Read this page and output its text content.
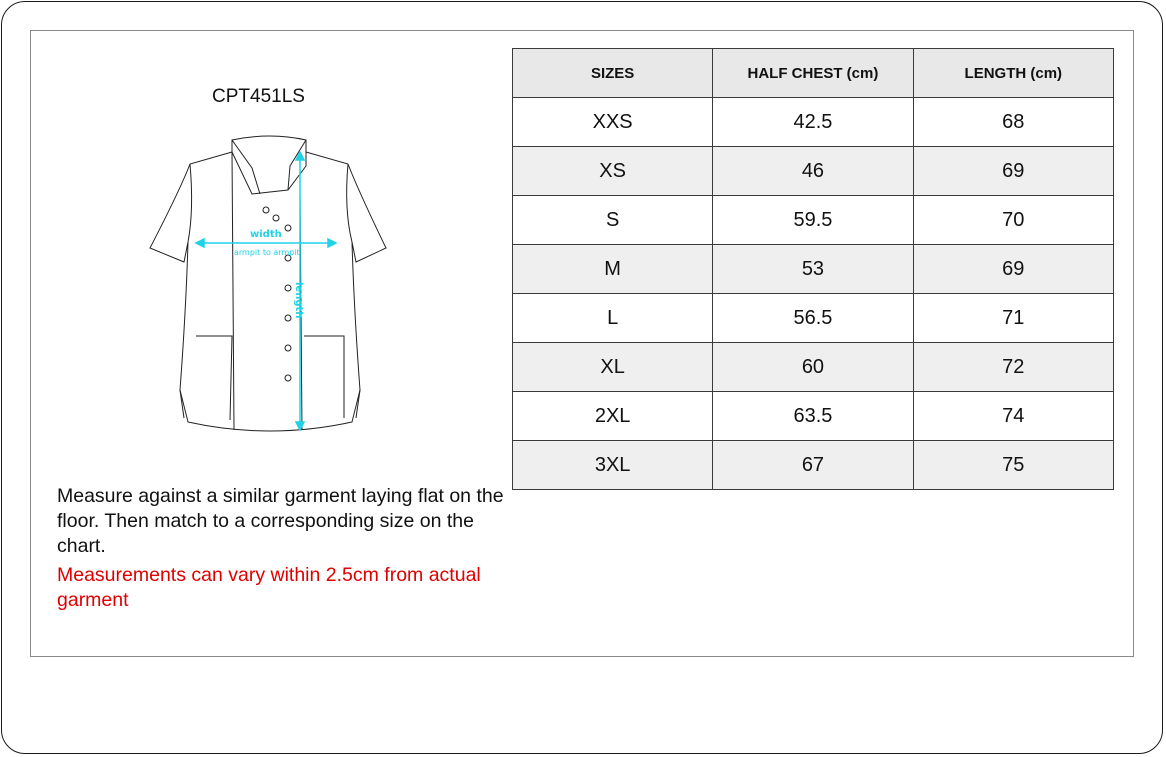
CPT451LS
width
armpit to armpit
length
Measure against a similar garment laying flat on the floor. Then match to a corresponding size on the chart.
Measurements can vary within 2.5cm from actual garment
SIZES	HALF CHEST (cm)	LENGTH (cm)
XXS	42.5	68
XS	46	69
S	59.5	70
M	53	69
L	56.5	71
XL	60	72
2XL	63.5	74
3XL	67	75
